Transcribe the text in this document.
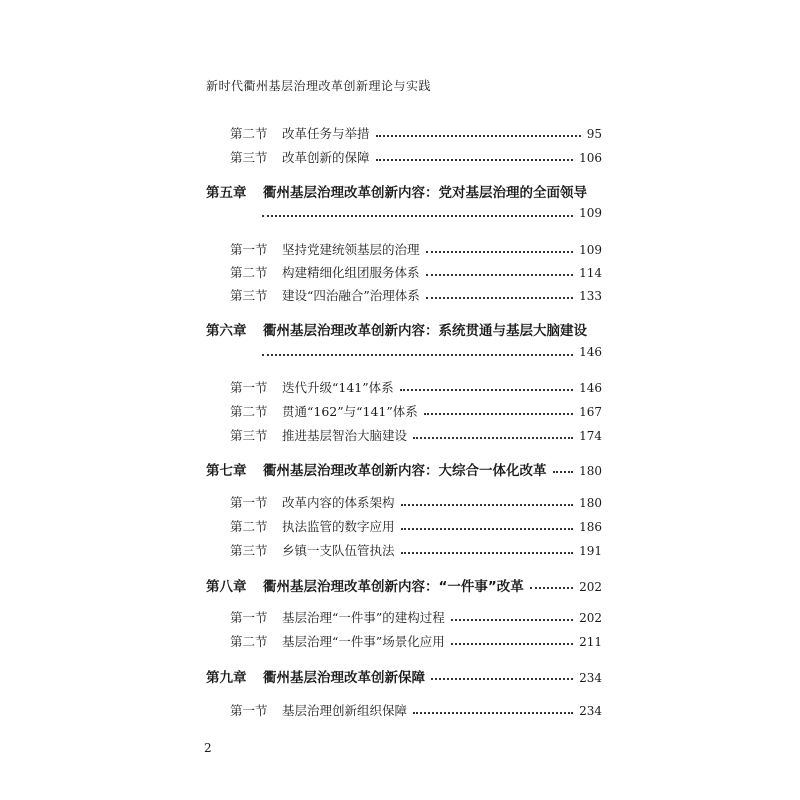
新时代衢州基层治理改革创新理论与实践
第二节	改革任务与举措	95
第三节	改革创新的保障	106
第五章	衢州基层治理改革创新内容：党对基层治理的全面领导
109
第一节	坚持党建统领基层的治理	109
第二节	构建精细化组团服务体系	114
第三节	建设“四治融合”治理体系	133
第六章	衢州基层治理改革创新内容：系统贯通与基层大脑建设
146
第一节	迭代升级“141”体系	146
第二节	贯通“162”与“141”体系	167
第三节	推进基层智治大脑建设	174
第七章	衢州基层治理改革创新内容：大综合一体化改革	180
第一节	改革内容的体系架构	180
第二节	执法监管的数字应用	186
第三节	乡镇一支队伍管执法	191
第八章	衢州基层治理改革创新内容：“一件事”改革	202
第一节	基层治理“一件事”的建构过程	202
第二节	基层治理“一件事”场景化应用	211
第九章	衢州基层治理改革创新保障	234
第一节	基层治理创新组织保障	234
2
